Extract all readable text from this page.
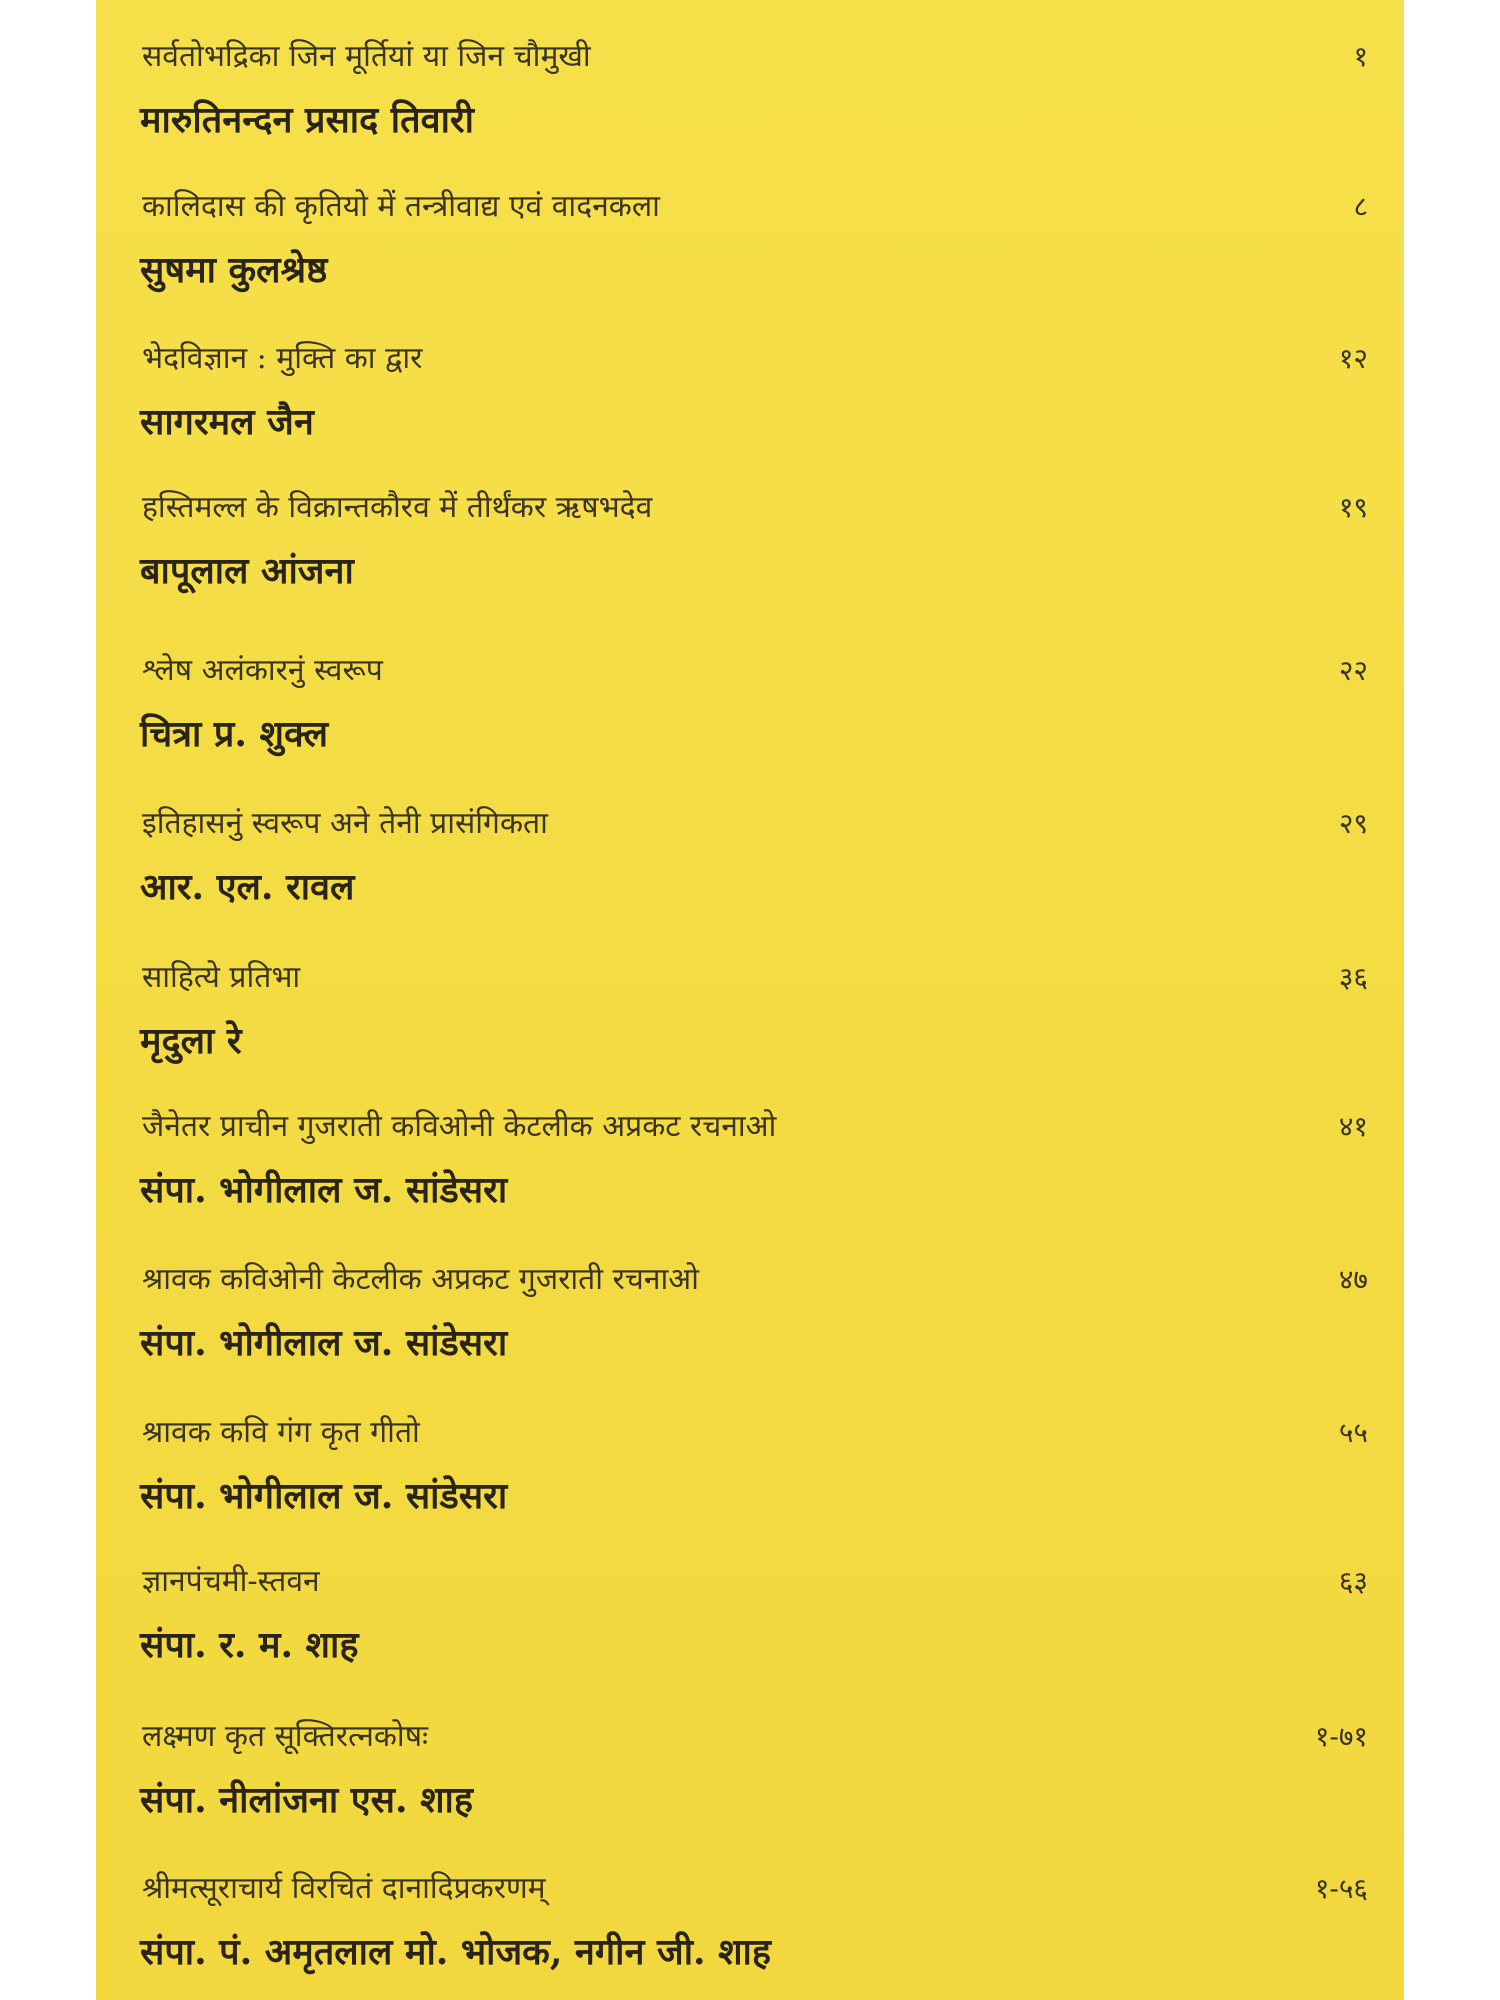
सर्वतोभद्रिका जिन मूर्तियां या जिन चौमुखी	१
मारुतिनन्दन प्रसाद तिवारी
कालिदास की कृतियो में तन्त्रीवाद्य एवं वादनकला	८
सुषमा कुलश्रेष्ठ
भेदविज्ञान : मुक्ति का द्वार	१२
सागरमल जैन
हस्तिमल्ल के विक्रान्तकौरव में तीर्थंकर ऋषभदेव	१९
बापूलाल आंजना
श्लेष अलंकारनुं स्वरूप	२२
चित्रा प्र. शुक्ल
इतिहासनुं स्वरूप अने तेनी प्रासंगिकता	२९
आर. एल. रावल
साहित्ये प्रतिभा	३६
मृदुला रे
जैनेतर प्राचीन गुजराती कविओनी केटलीक अप्रकट रचनाओ	४१
संपा. भोगीलाल ज. सांडेसरा
श्रावक कविओनी केटलीक अप्रकट गुजराती रचनाओ	४७
संपा. भोगीलाल ज. सांडेसरा
श्रावक कवि गंग कृत गीतो	५५
संपा. भोगीलाल ज. सांडेसरा
ज्ञानपंचमी-स्तवन	६३
संपा. र. म. शाह
लक्ष्मण कृत सूक्तिरत्नकोषः	१-७१
संपा. नीलांजना एस. शाह
श्रीमत्सूराचार्य विरचितं दानादिप्रकरणम्	१-५६
संपा. पं. अमृतलाल मो. भोजक, नगीन जी. शाह
